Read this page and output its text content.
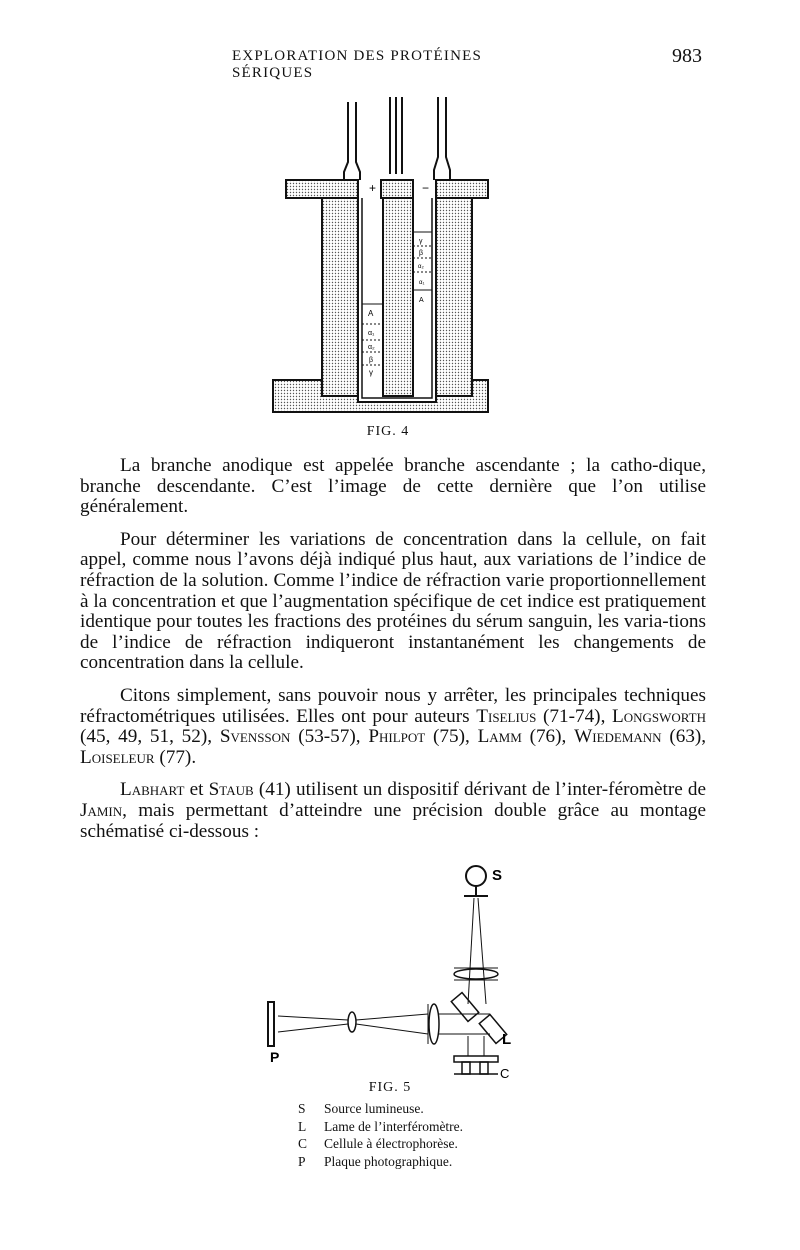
EXPLORATION DES PROTÉINES SÉRIQUES
983
+	−
A
α₁
α₂
β
γ
γ
β
α₂
α₁
A
FIG. 4

La branche anodique est appelée branche ascendante ; la catho-dique, branche descendante. C’est l’image de cette dernière que l’on utilise généralement.

Pour déterminer les variations de concentration dans la cellule, on fait appel, comme nous l’avons déjà indiqué plus haut, aux variations de l’indice de réfraction de la solution. Comme l’indice de réfraction varie proportionnellement à la concentration et que l’augmentation spécifique de cet indice est pratiquement identique pour toutes les fractions des protéines du sérum sanguin, les varia-tions de l’indice de réfraction indiqueront instantanément les changements de concentration dans la cellule.

Citons simplement, sans pouvoir nous y arrêter, les principales techniques réfractométriques utilisées. Elles ont pour auteurs Tiselius (71-74), Longsworth (45, 49, 51, 52), Svensson (53-57), Philpot (75), Lamm (76), Wiedemann (63), Loiseleur (77).

Labhart et Staub (41) utilisent un dispositif dérivant de l’inter-féromètre de Jamin, mais permettant d’atteindre une précision double grâce au montage schématisé ci-dessous :

S
L
P
C
FIG. 5
S	Source lumineuse.
L	Lame de l’interféromètre.
C	Cellule à électrophorèse.
P	Plaque photographique.
